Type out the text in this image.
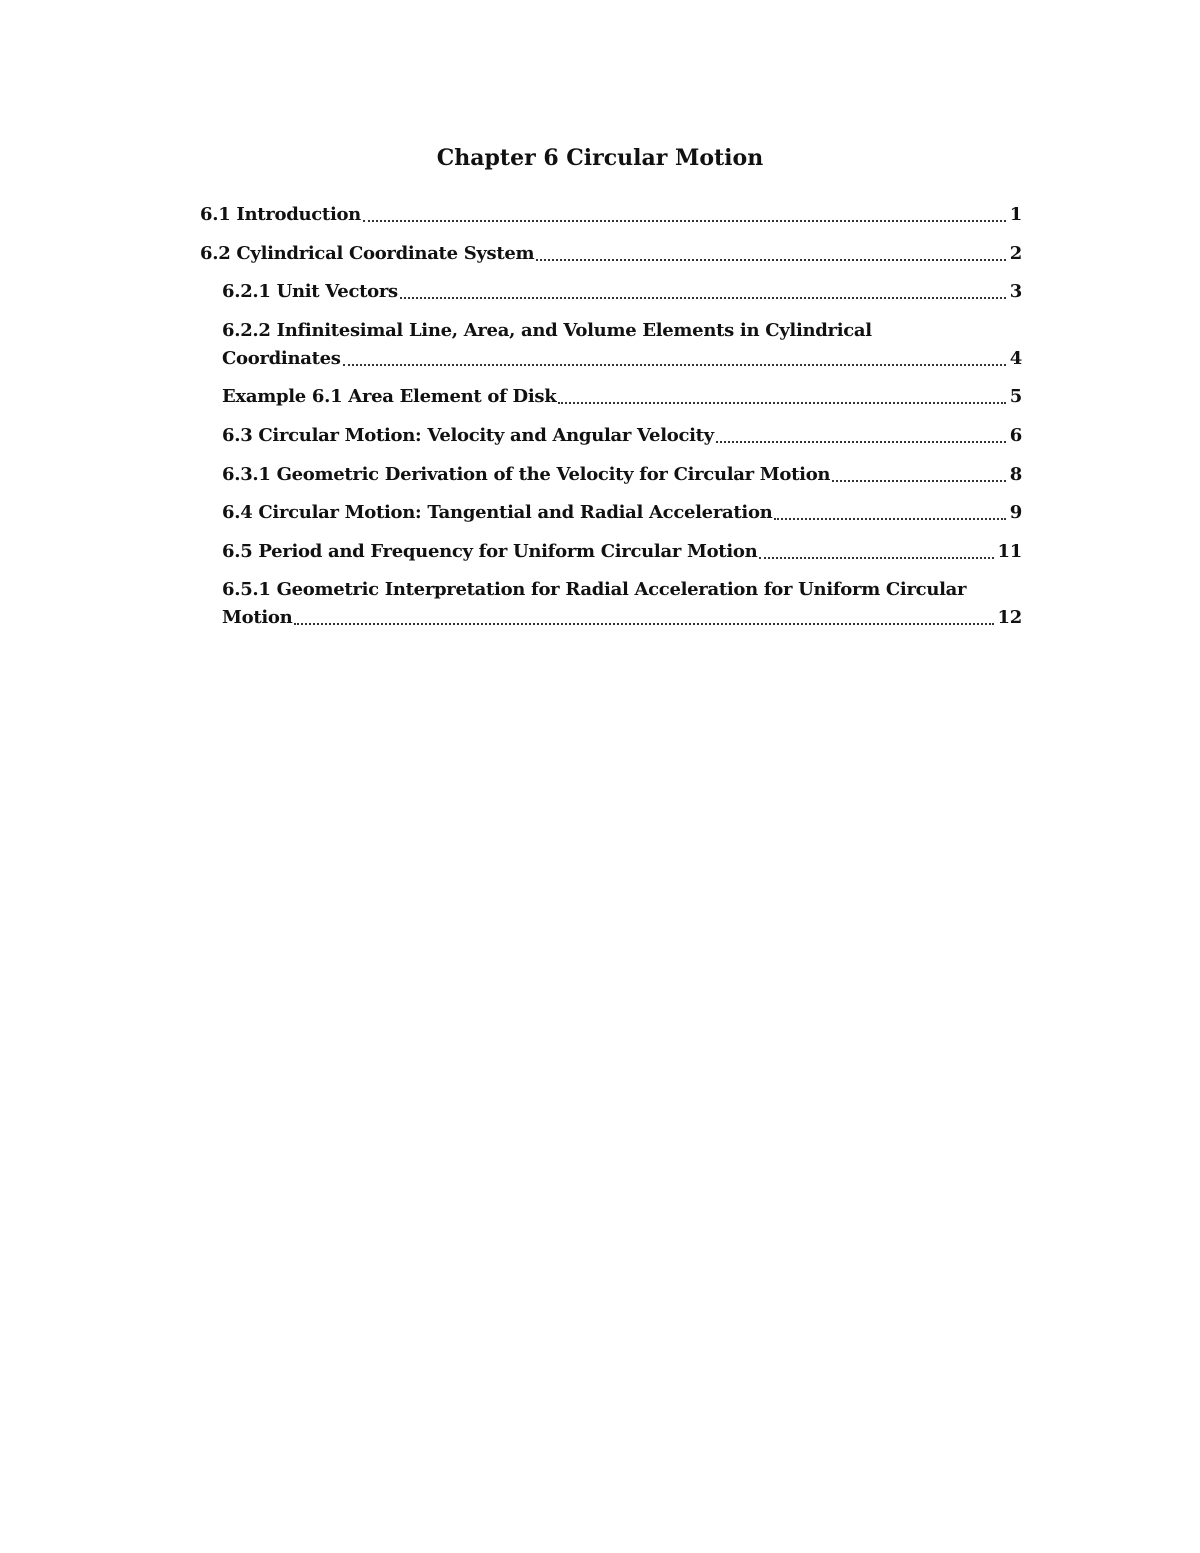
Chapter 6 Circular Motion
6.1 Introduction	1
6.2 Cylindrical Coordinate System	2
6.2.1 Unit Vectors	3
6.2.2 Infinitesimal Line, Area, and Volume Elements in Cylindrical
Coordinates	4
Example 6.1 Area Element of Disk	5
6.3 Circular Motion: Velocity and Angular Velocity	6
6.3.1 Geometric Derivation of the Velocity for Circular Motion	8
6.4 Circular Motion: Tangential and Radial Acceleration	9
6.5 Period and Frequency for Uniform Circular Motion	11
6.5.1 Geometric Interpretation for Radial Acceleration for Uniform Circular
Motion	12
